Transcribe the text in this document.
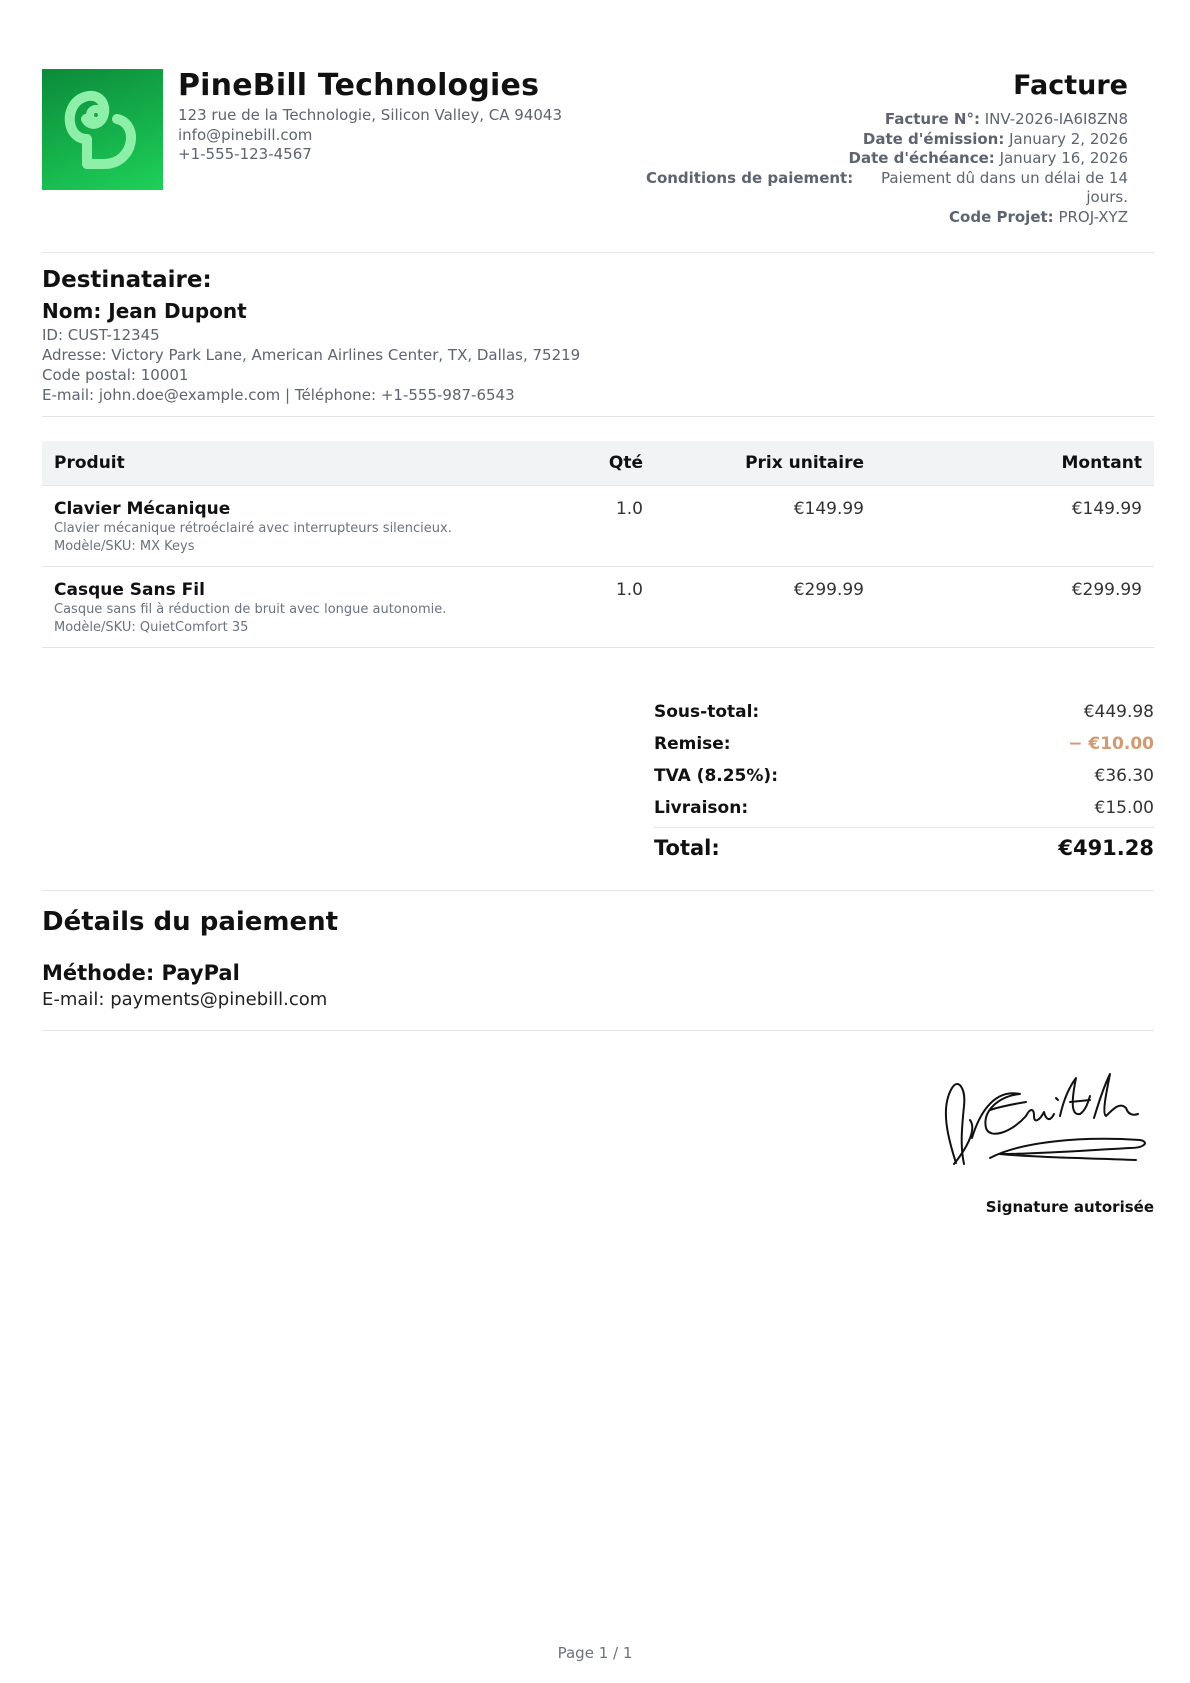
PineBill Technologies
123 rue de la Technologie, Silicon Valley, CA 94043
info@pinebill.com
+1-555-123-4567
Facture
Facture N°: INV-2026-IA6I8ZN8
Date d'émission: January 2, 2026
Date d'échéance: January 16, 2026
Conditions de paiement: Paiement dû dans un délai de 14 jours.
Code Projet: PROJ-XYZ
Destinataire:
Nom: Jean Dupont
ID: CUST-12345
Adresse: Victory Park Lane, American Airlines Center, TX, Dallas, 75219
Code postal: 10001
E-mail: john.doe@example.com | Téléphone: +1-555-987-6543
Produit	Qté	Prix unitaire	Montant
Clavier Mécanique
Clavier mécanique rétroéclairé avec interrupteurs silencieux.
Modèle/SKU: MX Keys
1.0	€149.99	€149.99
Casque Sans Fil
Casque sans fil à réduction de bruit avec longue autonomie.
Modèle/SKU: QuietComfort 35
1.0	€299.99	€299.99
Sous-total:	€449.98
Remise:	− €10.00
TVA (8.25%):	€36.30
Livraison:	€15.00
Total:	€491.28
Détails du paiement
Méthode: PayPal
E-mail: payments@pinebill.com
Signature autorisée
Page 1 / 1
